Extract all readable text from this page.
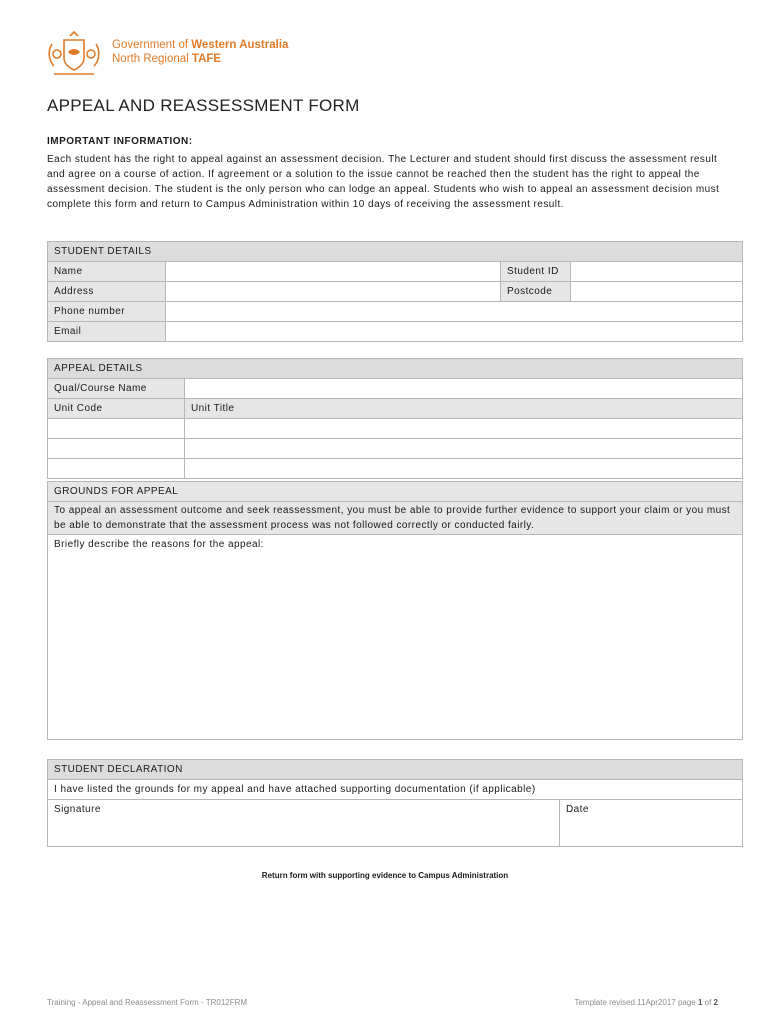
Government of Western Australia
North Regional TAFE
APPEAL AND REASSESSMENT FORM
IMPORTANT INFORMATION:
Each student has the right to appeal against an assessment decision. The Lecturer and student should first discuss the assessment result and agree on a course of action. If agreement or a solution to the issue cannot be reached then the student has the right to appeal the assessment decision. The student is the only person who can lodge an appeal. Students who wish to appeal an assessment decision must complete this form and return to Campus Administration within 10 days of receiving the assessment result.
STUDENT DETAILS			
Name		Student ID	
Address		Postcode	
Phone number			
Email			
APPEAL DETAILS	
Qual/Course Name	
Unit Code	Unit Title

GROUNDS FOR APPEAL
To appeal an assessment outcome and seek reassessment, you must be able to provide further evidence to support your claim or you must be able to demonstrate that the assessment process was not followed correctly or conducted fairly.
Briefly describe the reasons for the appeal:
STUDENT DECLARATION
I have listed the grounds for my appeal and have attached supporting documentation (if applicable)
Signature	Date
Return form with supporting evidence to Campus Administration
Training - Appeal and Reassessment Form - TR012FRM	Template revised 11Apr2017 page 1 of 2
